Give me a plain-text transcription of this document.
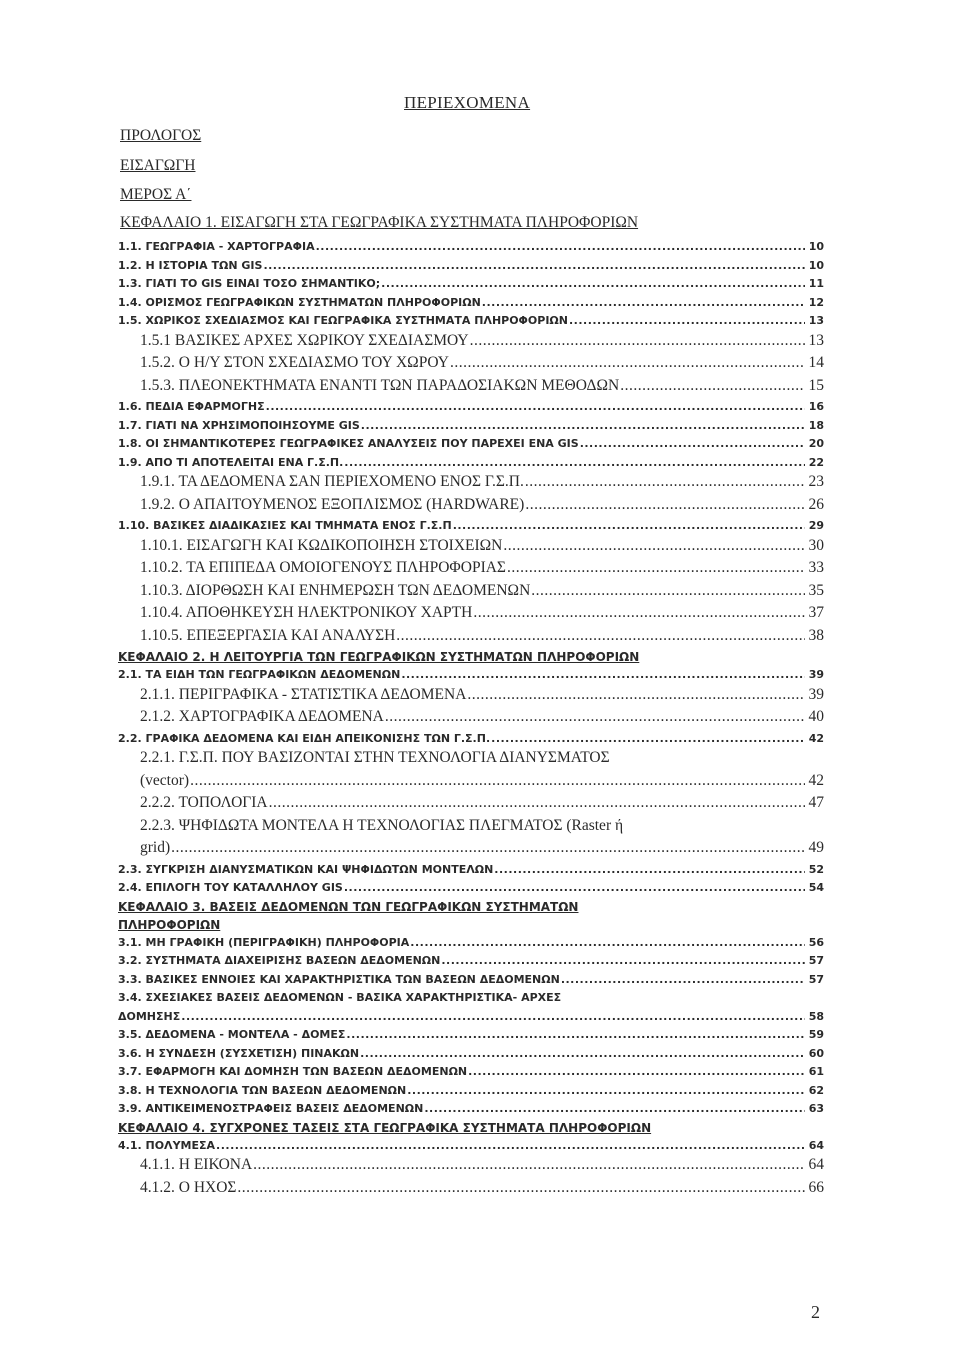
ΠΕΡΙΕΧΟΜΕΝΑ
ΠΡΟΛΟΓΟΣ
ΕΙΣΑΓΩΓΗ
ΜΕΡΟΣ Α΄
ΚΕΦΑΛΑΙΟ 1. ΕΙΣΑΓΩΓΗ ΣΤΑ ΓΕΩΓΡΑΦΙΚΑ ΣΥΣΤΗΜΑΤΑ ΠΛΗΡΟΦΟΡΙΩΝ
1.1. ΓΕΩΓΡΑΦΙΑ - ΧΑΡΤΟΓΡΑΦΙΑ .....	10
1.2. Η ΙΣΤΟΡΙΑ ΤΩΝ GIS .....	10
1.3. ΓΙΑΤΙ ΤΟ GIS ΕΙΝΑΙ ΤΟΣΟ ΣΗΜΑΝΤΙΚΟ; .....	11
1.4. ΟΡΙΣΜΟΣ ΓΕΩΓΡΑΦΙΚΩΝ ΣΥΣΤΗΜΑΤΩΝ ΠΛΗΡΟΦΟΡΙΩΝ .....	12
1.5. ΧΩΡΙΚΟΣ ΣΧΕΔΙΑΣΜΟΣ ΚΑΙ ΓΕΩΓΡΑΦΙΚΑ ΣΥΣΤΗΜΑΤΑ ΠΛΗΡΟΦΟΡΙΩΝ .....	13
1.5.1 ΒΑΣΙΚΕΣ ΑΡΧΕΣ ΧΩΡΙΚΟΥ ΣΧΕΔΙΑΣΜΟΥ .....	13
1.5.2. Ο Η/Υ ΣΤΟΝ ΣΧΕΔΙΑΣΜΟ ΤΟΥ ΧΩΡΟΥ .....	14
1.5.3. ΠΛΕΟΝΕΚΤΗΜΑΤΑ ΕΝΑΝΤΙ ΤΩΝ ΠΑΡΑΔΟΣΙΑΚΩΝ ΜΕΘΟΔΩΝ .....	15
1.6. ΠΕΔΙΑ ΕΦΑΡΜΟΓΗΣ .....	16
1.7. ΓΙΑΤΙ ΝΑ ΧΡΗΣΙΜΟΠΟΙΗΣΟΥΜΕ GIS .....	18
1.8. ΟΙ ΣΗΜΑΝΤΙΚΟΤΕΡΕΣ ΓΕΩΓΡΑΦΙΚΕΣ ΑΝΑΛΥΣΕΙΣ ΠΟΥ ΠΑΡΕΧΕΙ ΕΝΑ GIS .....	20
1.9. ΑΠΟ ΤΙ ΑΠΟΤΕΛΕΙΤΑΙ ΕΝΑ Γ.Σ.Π. .....	22
1.9.1. ΤΑ ΔΕΔΟΜΕΝΑ ΣΑΝ ΠΕΡΙΕΧΟΜΕΝΟ ΕΝΟΣ Γ.Σ.Π. .....	23
1.9.2. Ο ΑΠΑΙΤΟΥΜΕΝΟΣ ΕΞΟΠΛΙΣΜΟΣ (HARDWARE) .....	26
1.10. ΒΑΣΙΚΕΣ ΔΙΑΔΙΚΑΣΙΕΣ ΚΑΙ ΤΜΗΜΑΤΑ ΕΝΟΣ Γ.Σ.Π .....	29
1.10.1. ΕΙΣΑΓΩΓΗ ΚΑΙ ΚΩΔΙΚΟΠΟΙΗΣΗ ΣΤΟΙΧΕΙΩΝ .....	30
1.10.2. ΤΑ ΕΠΙΠΕΔΑ ΟΜΟΙΟΓΕΝΟΥΣ ΠΛΗΡΟΦΟΡΙΑΣ .....	33
1.10.3. ΔΙΟΡΘΩΣΗ ΚΑΙ ΕΝΗΜΕΡΩΣΗ ΤΩΝ ΔΕΔΟΜΕΝΩΝ .....	35
1.10.4. ΑΠΟΘΗΚΕΥΣΗ ΗΛΕΚΤΡΟΝΙΚΟΥ ΧΑΡΤΗ .....	37
1.10.5. ΕΠΕΞΕΡΓΑΣΙΑ ΚΑΙ ΑΝΑΛΥΣΗ .....	38
ΚΕΦΑΛΑΙΟ 2. Η ΛΕΙΤΟΥΡΓΙΑ ΤΩΝ ΓΕΩΓΡΑΦΙΚΩΝ ΣΥΣΤΗΜΑΤΩΝ ΠΛΗΡΟΦΟΡΙΩΝ
2.1. ΤΑ ΕΙΔΗ ΤΩΝ ΓΕΩΓΡΑΦΙΚΩΝ ΔΕΔΟΜΕΝΩΝ .....	39
2.1.1. ΠΕΡΙΓΡΑΦΙΚΑ - ΣΤΑΤΙΣΤΙΚΑ ΔΕΔΟΜΕΝΑ .....	39
2.1.2. ΧΑΡΤΟΓΡΑΦΙΚΑ ΔΕΔΟΜΕΝΑ .....	40
2.2. ΓΡΑΦΙΚΑ ΔΕΔΟΜΕΝΑ ΚΑΙ ΕΙΔΗ ΑΠΕΙΚΟΝΙΣΗΣ ΤΩΝ Γ.Σ.Π. .....	42
2.2.1. Γ.Σ.Π. ΠΟΥ ΒΑΣΙΖΟΝΤΑΙ ΣΤΗΝ ΤΕΧΝΟΛΟΓΙΑ ΔΙΑΝΥΣΜΑΤΟΣ
(vector) .....	42
2.2.2. ΤΟΠΟΛΟΓΙΑ .....	47
2.2.3. ΨΗΦΙΔΩΤΑ ΜΟΝΤΕΛΑ Η ΤΕΧΝΟΛΟΓΙΑΣ ΠΛΕΓΜΑΤΟΣ (Raster ή
grid) .....	49
2.3. ΣΥΓΚΡΙΣΗ ΔΙΑΝΥΣΜΑΤΙΚΩΝ ΚΑΙ ΨΗΦΙΔΩΤΩΝ ΜΟΝΤΕΛΩΝ .....	52
2.4. ΕΠΙΛΟΓΗ ΤΟΥ ΚΑΤΑΛΛΗΛΟΥ GIS .....	54
ΚΕΦΑΛΑΙΟ 3. ΒΑΣΕΙΣ ΔΕΔΟΜΕΝΩΝ ΤΩΝ ΓΕΩΓΡΑΦΙΚΩΝ ΣΥΣΤΗΜΑΤΩΝ
ΠΛΗΡΟΦΟΡΙΩΝ
3.1. ΜΗ ΓΡΑΦΙΚΗ (ΠΕΡΙΓΡΑΦΙΚΗ) ΠΛΗΡΟΦΟΡΙΑ .....	56
3.2. ΣΥΣΤΗΜΑΤΑ ΔΙΑΧΕΙΡΙΣΗΣ ΒΑΣΕΩΝ ΔΕΔΟΜΕΝΩΝ .....	57
3.3. ΒΑΣΙΚΕΣ ΕΝΝΟΙΕΣ ΚΑΙ ΧΑΡΑΚΤΗΡΙΣΤΙΚΑ ΤΩΝ ΒΑΣΕΩΝ ΔΕΔΟΜΕΝΩΝ .....	57
3.4. ΣΧΕΣΙΑΚΕΣ ΒΑΣΕΙΣ ΔΕΔΟΜΕΝΩΝ - ΒΑΣΙΚΑ ΧΑΡΑΚΤΗΡΙΣΤΙΚΑ- ΑΡΧΕΣ
ΔΟΜΗΣΗΣ .....	58
3.5. ΔΕΔΟΜΕΝΑ - ΜΟΝΤΕΛΑ - ΔΟΜΕΣ .....	59
3.6. Η ΣΥΝΔΕΣΗ (ΣΥΣΧΕΤΙΣΗ) ΠΙΝΑΚΩΝ .....	60
3.7. ΕΦΑΡΜΟΓΗ ΚΑΙ ΔΟΜΗΣΗ ΤΩΝ ΒΑΣΕΩΝ ΔΕΔΟΜΕΝΩΝ .....	61
3.8. Η ΤΕΧΝΟΛΟΓΙΑ ΤΩΝ ΒΑΣΕΩΝ ΔΕΔΟΜΕΝΩΝ .....	62
3.9. ΑΝΤΙΚΕΙΜΕΝΟΣΤΡΑΦΕΙΣ ΒΑΣΕΙΣ ΔΕΔΟΜΕΝΩΝ .....	63
ΚΕΦΑΛΑΙΟ 4. ΣΥΓΧΡΟΝΕΣ ΤΑΣΕΙΣ ΣΤΑ ΓΕΩΓΡΑΦΙΚΑ ΣΥΣΤΗΜΑΤΑ ΠΛΗΡΟΦΟΡΙΩΝ
4.1. ΠΟΛΥΜΕΣΑ .....	64
4.1.1. Η ΕΙΚΟΝΑ .....	64
4.1.2. Ο ΗΧΟΣ .....	66
2
